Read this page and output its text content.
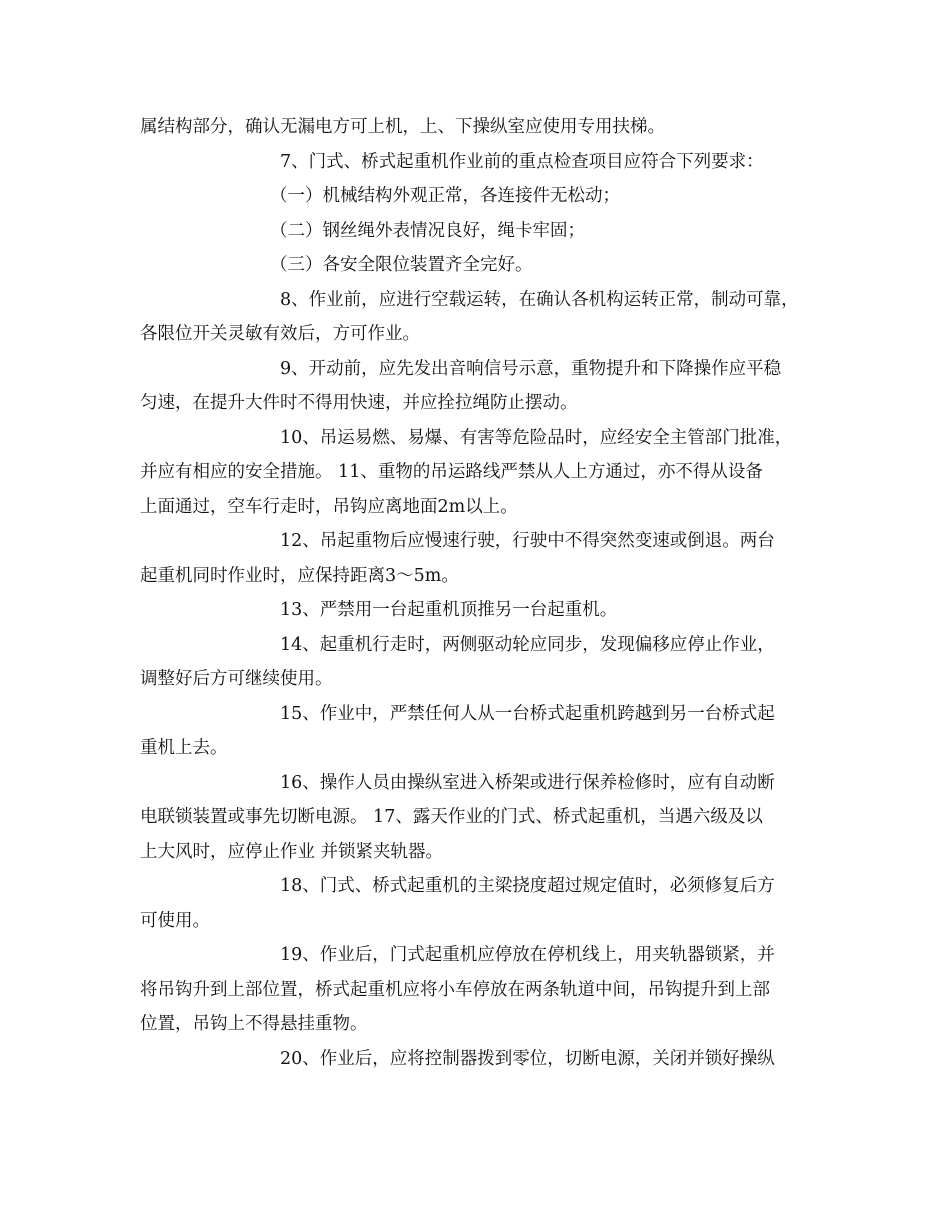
属结构部分，确认无漏电方可上机，上、下操纵室应使用专用扶梯。
7、门式、桥式起重机作业前的重点检查项目应符合下列要求：
（一）机械结构外观正常，各连接件无松动；
（二）钢丝绳外表情况良好，绳卡牢固；
（三）各安全限位装置齐全完好。
8、作业前，应进行空载运转，在确认各机构运转正常，制动可靠，
各限位开关灵敏有效后，方可作业。
9、开动前，应先发出音响信号示意，重物提升和下降操作应平稳
匀速，在提升大件时不得用快速，并应拴拉绳防止摆动。
10、吊运易燃、易爆、有害等危险品时，应经安全主管部门批准，
并应有相应的安全措施。 11、重物的吊运路线严禁从人上方通过，亦不得从设备
上面通过，空车行走时，吊钩应离地面2m以上。
12、吊起重物后应慢速行驶，行驶中不得突然变速或倒退。两台
起重机同时作业时，应保持距离3～5m。
13、严禁用一台起重机顶推另一台起重机。
14、起重机行走时，两侧驱动轮应同步，发现偏移应停止作业，
调整好后方可继续使用。
15、作业中，严禁任何人从一台桥式起重机跨越到另一台桥式起
重机上去。
16、操作人员由操纵室进入桥架或进行保养检修时，应有自动断
电联锁装置或事先切断电源。 17、露天作业的门式、桥式起重机，当遇六级及以
上大风时，应停止作业 并锁紧夹轨器。
18、门式、桥式起重机的主梁挠度超过规定值时，必须修复后方
可使用。
19、作业后，门式起重机应停放在停机线上，用夹轨器锁紧，并
将吊钩升到上部位置，桥式起重机应将小车停放在两条轨道中间，吊钩提升到上部
位置，吊钩上不得悬挂重物。
20、作业后，应将控制器拨到零位，切断电源，关闭并锁好操纵
